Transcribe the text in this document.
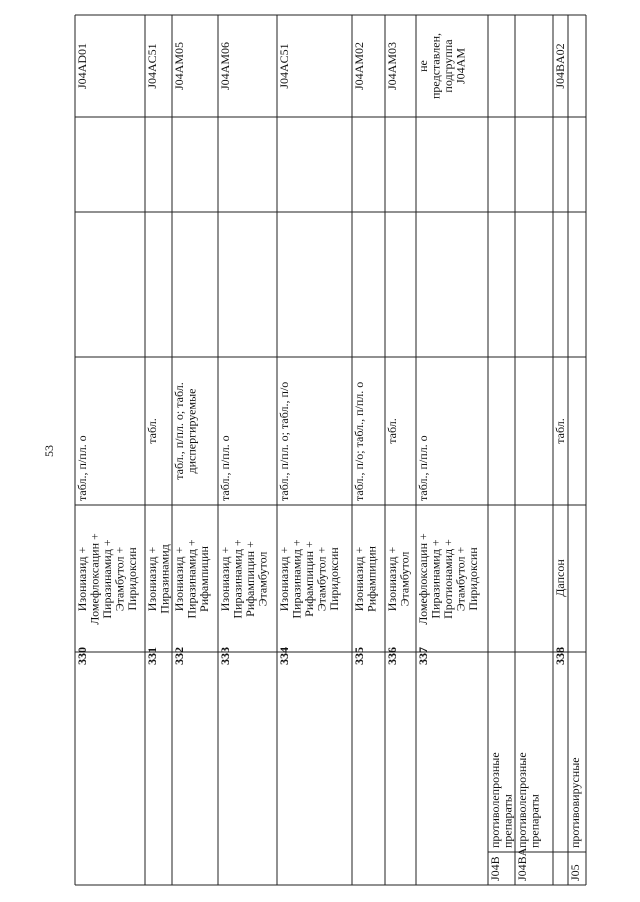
330
Изониазид +Ломефлоксацин +Пиразинамид +Этамбутол +Пиридоксин
табл., п/пл. о
J04AD01
331
Изониазид +Пиразинамид
табл.
J04AC51
332
Изониазид +Пиразинамид +Рифампицин
табл., п/пл. о; табл.диспергируемые
J04AM05
333
Изониазид +Пиразинамид +Рифампицин +Этамбутол
табл., п/пл. о
J04AM06
334
Изониазид +Пиразинамид +Рифампицин +Этамбутол +Пиридоксин
табл., п/пл. о; табл., п/о
J04AC51
335
Изониазид +Рифампицин
табл., п/о; табл., п/пл. о
J04AM02
336
Изониазид +Этамбутол
табл.
J04AM03
337
Ломефлоксацин +Пиразинамид +Протионамид +Этамбутол +Пиридоксин
табл., п/пл. о
непредставлен,подгруппаJ04AM
338
Дапсон
табл.
J04BA02
J04B
противолепрозныепрепараты
J04BA
противолепрозныепрепараты
J05
противовирусные
53
